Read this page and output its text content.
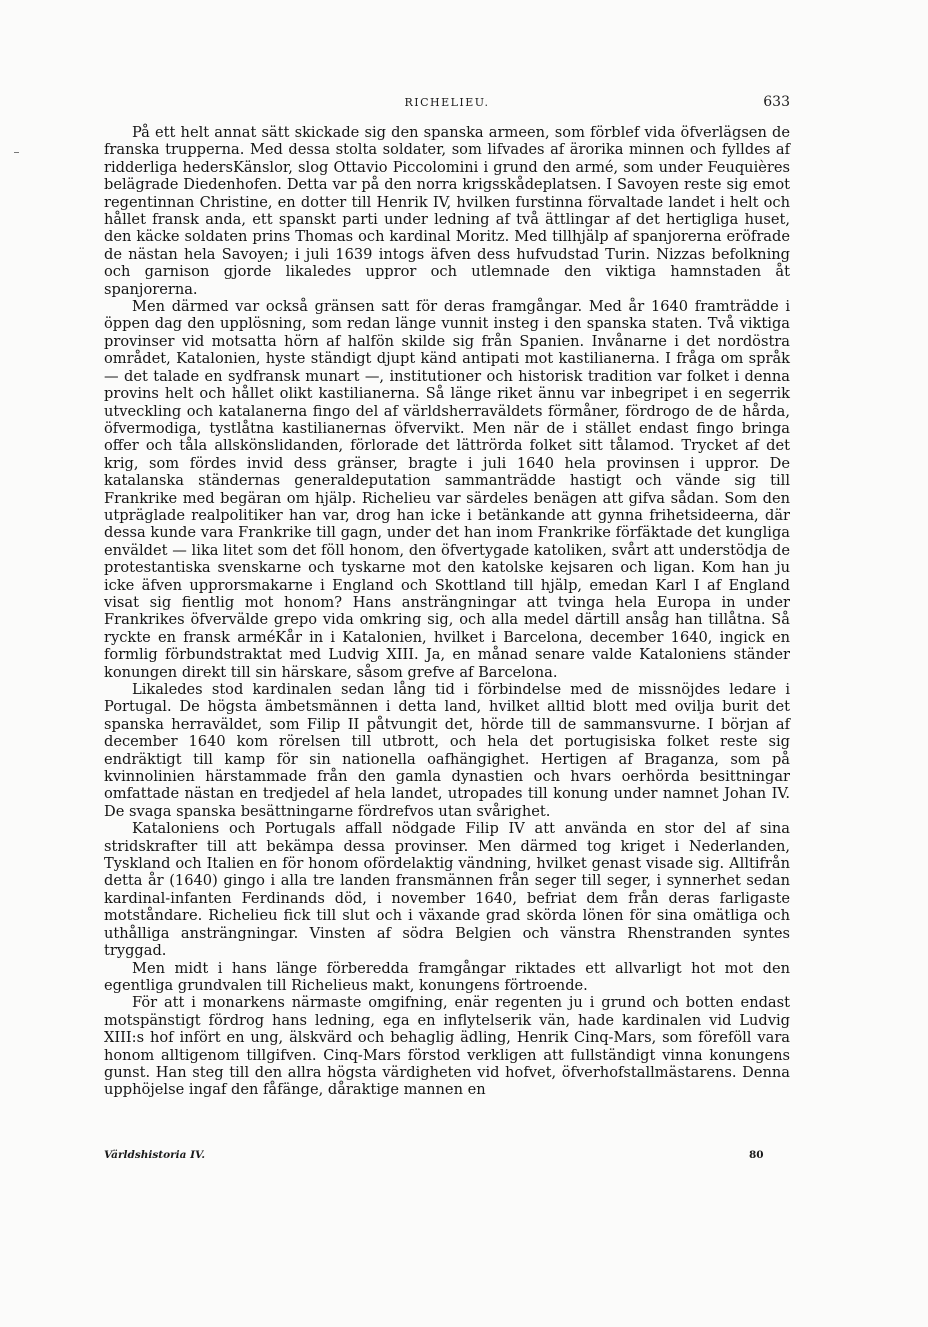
RICHELIEU.	633

På ett helt annat sätt skickade sig den spanska armeen, som förblef vida öfverlägsen de franska trupperna. Med dessa stolta soldater, som lifvades af ärorika minnen och fylldes af ridderliga hedersKänslor, slog Ottavio Piccolomini i grund den armé, som under Feuquières belägrade Diedenhofen. Detta var på den norra krigsskådeplatsen. I Savoyen reste sig emot regentinnan Christine, en dotter till Henrik IV, hvilken furstinna förvaltade landet i helt och hållet fransk anda, ett spanskt parti under ledning af två ättlingar af det hertigliga huset, den käcke soldaten prins Thomas och kardinal Moritz. Med tillhjälp af spanjorerna eröfrade de nästan hela Savoyen; i juli 1639 intogs äfven dess hufvudstad Turin. Nizzas befolkning och garnison gjorde likaledes uppror och utlemnade den viktiga hamnstaden åt spanjorerna.

Men därmed var också gränsen satt för deras framgångar. Med år 1640 framträdde i öppen dag den upplösning, som redan länge vunnit insteg i den spanska staten. Två viktiga provinser vid motsatta hörn af halfön skilde sig från Spanien. Invånarne i det nordöstra området, Katalonien, hyste ständigt djupt känd antipati mot kastilianerna. I fråga om språk — det talade en sydfransk munart —, institutioner och historisk tradition var folket i denna provins helt och hållet olikt kastilianerna. Så länge riket ännu var inbegripet i en segerrik utveckling och katalanerna fingo del af världsherraväldets förmåner, fördrogo de de hårda, öfvermodiga, tystlåtna kastilianernas öfvervikt. Men när de i stället endast fingo bringa offer och tåla allskönslidanden, förlorade det lättrörda folket sitt tålamod. Trycket af det krig, som fördes invid dess gränser, bragte i juli 1640 hela provinsen i uppror. De katalanska ständernas generaldeputation sammanträdde hastigt och vände sig till Frankrike med begäran om hjälp. Richelieu var särdeles benägen att gifva sådan. Som den utpräglade realpolitiker han var, drog han icke i betänkande att gynna frihetsideerna, där dessa kunde vara Frankrike till gagn, under det han inom Frankrike förfäktade det kungliga enväldet — lika litet som det föll honom, den öfvertygade katoliken, svårt att understödja de protestantiska svenskarne och tyskarne mot den katolske kejsaren och ligan. Kom han ju icke äfven upprorsmakarne i England och Skottland till hjälp, emedan Karl I af England visat sig fientlig mot honom? Hans ansträngningar att tvinga hela Europa in under Frankrikes öfvervälde grepo vida omkring sig, och alla medel därtill ansåg han tillåtna. Så ryckte en fransk arméKår in i Katalonien, hvilket i Barcelona, december 1640, ingick en formlig förbundstraktat med Ludvig XIII. Ja, en månad senare valde Kataloniens ständer konungen direkt till sin härskare, såsom grefve af Barcelona.

Likaledes stod kardinalen sedan lång tid i förbindelse med de missnöjdes ledare i Portugal. De högsta ämbetsmännen i detta land, hvilket alltid blott med ovilja burit det spanska herraväldet, som Filip II påtvungit det, hörde till de sammansvurne. I början af december 1640 kom rörelsen till utbrott, och hela det portugisiska folket reste sig endräktigt till kamp för sin nationella oafhängighet. Hertigen af Braganza, som på kvinnolinien härstammade från den gamla dynastien och hvars oerhörda besittningar omfattade nästan en tredjedel af hela landet, utropades till konung under namnet Johan IV. De svaga spanska besättningarne fördrefvos utan svårighet.

Kataloniens och Portugals affall nödgade Filip IV att använda en stor del af sina stridskrafter till att bekämpa dessa provinser. Men därmed tog kriget i Nederlanden, Tyskland och Italien en för honom ofördelaktig vändning, hvilket genast visade sig. Alltifrån detta år (1640) gingo i alla tre landen fransmännen från seger till seger, i synnerhet sedan kardinal-infanten Ferdinands död, i november 1640, befriat dem från deras farligaste motståndare. Richelieu fick till slut och i växande grad skörda lönen för sina omätliga och uthålliga ansträngningar. Vinsten af södra Belgien och vänstra Rhenstranden syntes tryggad.

Men midt i hans länge förberedda framgångar riktades ett allvarligt hot mot den egentliga grundvalen till Richelieus makt, konungens förtroende.

För att i monarkens närmaste omgifning, enär regenten ju i grund och botten endast motspänstigt fördrog hans ledning, ega en inflytelserik vän, hade kardinalen vid Ludvig XIII:s hof infört en ung, älskvärd och behaglig ädling, Henrik Cinq-Mars, som föreföll vara honom alltigenom tillgifven. Cinq-Mars förstod verkligen att fullständigt vinna konungens gunst. Han steg till den allra högsta värdigheten vid hofvet, öfverhofstallmästarens. Denna upphöjelse ingaf den fåfänge, dåraktige mannen en

Världshistoria IV.	80
